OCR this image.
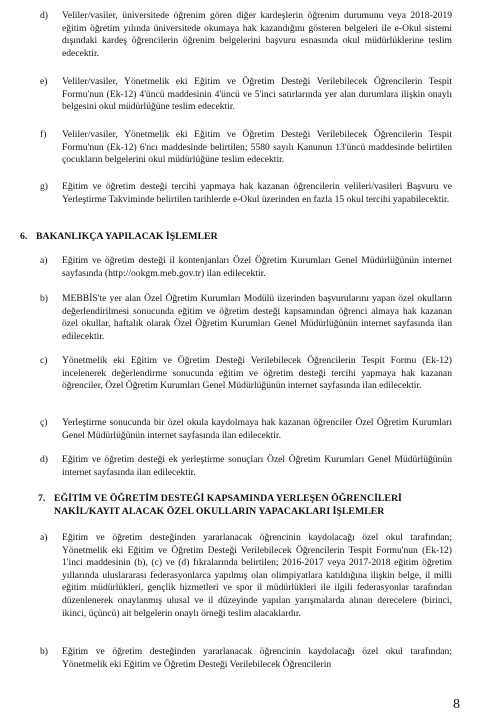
d) Veliler/vasiler, üniversitede öğrenim gören diğer kardeşlerin öğrenim durumunu veya 2018-2019 eğitim öğretim yılında üniversitede okumaya hak kazandığını gösteren belgeleri ile e-Okul sistemi dışındaki kardeş öğrencilerin öğrenim belgelerini başvuru esnasında okul müdürlüklerine teslim edecektir.
e) Veliler/vasiler, Yönetmelik eki Eğitim ve Öğretim Desteği Verilebilecek Öğrencilerin Tespit Formu'nun (Ek-12) 4'üncü maddesinin 4'üncü ve 5'inci satırlarında yer alan durumlara ilişkin onaylı belgesini okul müdürlüğüne teslim edecektir.
f) Veliler/vasiler, Yönetmelik eki Eğitim ve Öğretim Desteği Verilebilecek Öğrencilerin Tespit Formu'nun (Ek-12) 6'ncı maddesinde belirtilen; 5580 sayılı Kanunun 13'üncü maddesinde belirtilen çocukların belgelerini okul müdürlüğüne teslim edecektir.
g) Eğitim ve öğretim desteği tercihi yapmaya hak kazanan öğrencilerin velileri/vasileri Başvuru ve Yerleştirme Takviminde belirtilen tarihlerde e-Okul üzerinden en fazla 15 okul tercihi yapabilecektir.
6. BAKANLIKÇA YAPILACAK İŞLEMLER
a) Eğitim ve öğretim desteği il kontenjanları Özel Öğretim Kurumları Genel Müdürlüğünün internet sayfasında (http://ookgm.meb.gov.tr) ilan edilecektir.
b) MEBBİS'te yer alan Özel Öğretim Kurumları Modülü üzerinden başvurularını yapan özel okulların değerlendirilmesi sonucunda eğitim ve öğretim desteği kapsamından öğrenci almaya hak kazanan özel okullar, haftalık olarak Özel Öğretim Kurumları Genel Müdürlüğünün internet sayfasında ilan edilecektir.
c) Yönetmelik eki Eğitim ve Öğretim Desteği Verilebilecek Öğrencilerin Tespit Formu (Ek-12) incelenerek değerlendirme sonucunda eğitim ve öğretim desteği tercihi yapmaya hak kazanan öğrenciler, Özel Öğretim Kurumları Genel Müdürlüğünün internet sayfasında ilan edilecektir.
ç) Yerleştirme sonucunda bir özel okula kaydolmaya hak kazanan öğrenciler Özel Öğretim Kurumları Genel Müdürlüğünün internet sayfasında ilan edilecektir.
d) Eğitim ve öğretim desteği ek yerleştirme sonuçları Özel Öğretim Kurumları Genel Müdürlüğünün internet sayfasında ilan edilecektir.
7. EĞİTİM VE ÖĞRETİM DESTEĞİ KAPSAMINDA YERLEŞEN ÖĞRENCİLERİ
NAKİL/KAYIT ALACAK ÖZEL OKULLARIN YAPACAKLARI İŞLEMLER
a) Eğitim ve öğretim desteğinden yararlanacak öğrencinin kaydolacağı özel okul tarafından; Yönetmelik eki Eğitim ve Öğretim Desteği Verilebilecek Öğrencilerin Tespit Formu'nun (Ek-12) 1'inci maddesinin (b), (c) ve (d) fıkralarında belirtilen; 2016-2017 veya 2017-2018 eğitim öğretim yıllarında uluslararası federasyonlarca yapılmış olan olimpiyatlara katıldığına ilişkin belge, il milli eğitim müdürlükleri, gençlik hizmetleri ve spor il müdürlükleri ile ilgili federasyonlar tarafından düzenlenerek onaylanmış ulusal ve il düzeyinde yapılan yarışmalarda alınan derecelere (birinci, ikinci, üçüncü) ait belgelerin onaylı örneği teslim alacaklardır.
b) Eğitim ve öğretim desteğinden yararlanacak öğrencinin kaydolacağı özel okul tarafından; Yönetmelik eki Eğitim ve Öğretim Desteği Verilebilecek Öğrencilerin
8
